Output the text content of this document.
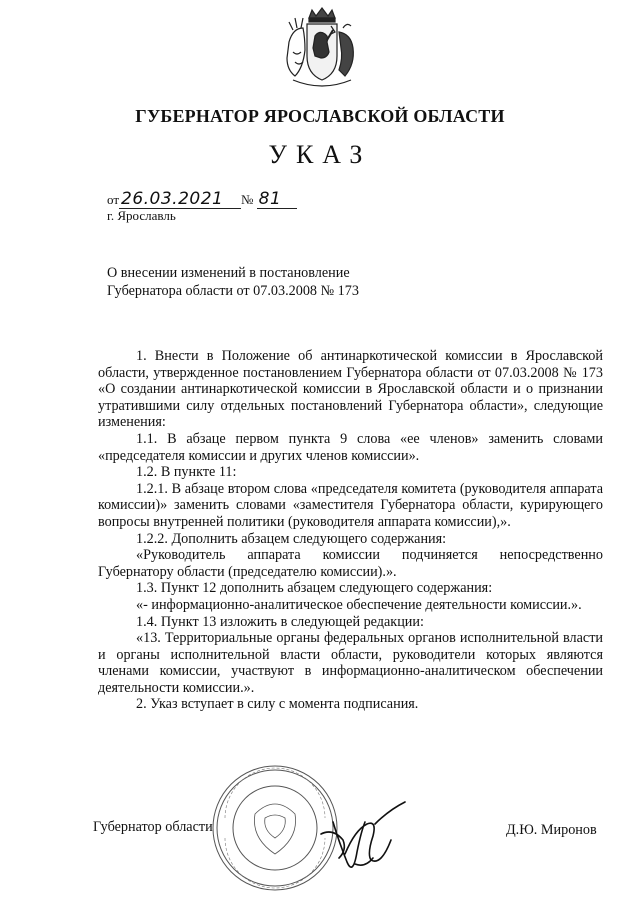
ГУБЕРНАТОР ЯРОСЛАВСКОЙ ОБЛАСТИ
УКАЗ
от 26.03.2021 № 81
г. Ярославль
О внесении изменений в постановление Губернатора области от 07.03.2008 № 173

1. Внести в Положение об антинаркотической комиссии в Ярославской области, утвержденное постановлением Губернатора области от 07.03.2008 № 173 «О создании антинаркотической комиссии в Ярославской области и о признании утратившими силу отдельных постановлений Губернатора области», следующие изменения:

1.1. В абзаце первом пункта 9 слова «ее членов» заменить словами «председателя комиссии и других членов комиссии».

1.2. В пункте 11:

1.2.1. В абзаце втором слова «председателя комитета (руководителя аппарата комиссии)» заменить словами «заместителя Губернатора области, курирующего вопросы внутренней политики (руководителя аппарата комиссии),».

1.2.2. Дополнить абзацем следующего содержания:

«Руководитель аппарата комиссии подчиняется непосредственно Губернатору области (председателю комиссии).».

1.3. Пункт 12 дополнить абзацем следующего содержания:

«- информационно-аналитическое обеспечение деятельности комиссии.».

1.4. Пункт 13 изложить в следующей редакции:

«13. Территориальные органы федеральных органов исполнительной власти и органы исполнительной власти области, руководители которых являются членами комиссии, участвуют в информационно-аналитическом обеспечении деятельности комиссии.».

2. Указ вступает в силу с момента подписания.

Губернатор области	Д.Ю. Миронов
